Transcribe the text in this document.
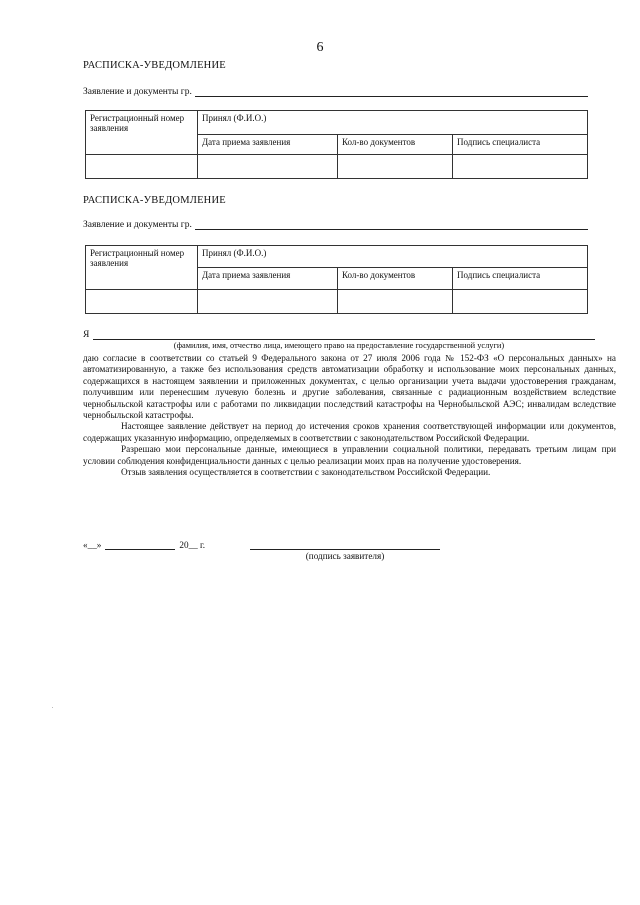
6
РАСПИСКА-УВЕДОМЛЕНИЕ
Заявление и документы гр.
Регистрационный номер заявления	Принял (Ф.И.О.)		
	Дата приема заявления	Кол-во документов	Подпись специалиста

РАСПИСКА-УВЕДОМЛЕНИЕ
Заявление и документы гр.
Регистрационный номер заявления	Принял (Ф.И.О.)		
	Дата приема заявления	Кол-во документов	Подпись специалиста

Я
(фамилия, имя, отчество лица, имеющего право на предоставление государственной услуги)

даю согласие в соответствии со статьей 9 Федерального закона от 27 июля 2006 года № 152-ФЗ «О персональных данных» на автоматизированную, а также без использования средств автоматизации обработку и использование моих персональных данных, содержащихся в настоящем заявлении и приложенных документах, с целью организации учета выдачи удостоверения гражданам, получившим или перенесшим лучевую болезнь и другие заболевания, связанные с радиационным воздействием вследствие чернобыльской катастрофы или с работами по ликвидации последствий катастрофы на Чернобыльской АЭС; инвалидам вследствие чернобыльской катастрофы.

Настоящее заявление действует на период до истечения сроков хранения соответствующей информации или документов, содержащих указанную информацию, определяемых в соответствии с законодательством Российской Федерации.

Разрешаю мои персональные данные, имеющиеся в управлении социальной политики, передавать третьим лицам при условии соблюдения конфиденциальности данных с целью реализации моих прав на получение удостоверения.

Отзыв заявления осуществляется в соответствии с законодательством Российской Федерации.

«__»	20__ г.
(подпись заявителя)
